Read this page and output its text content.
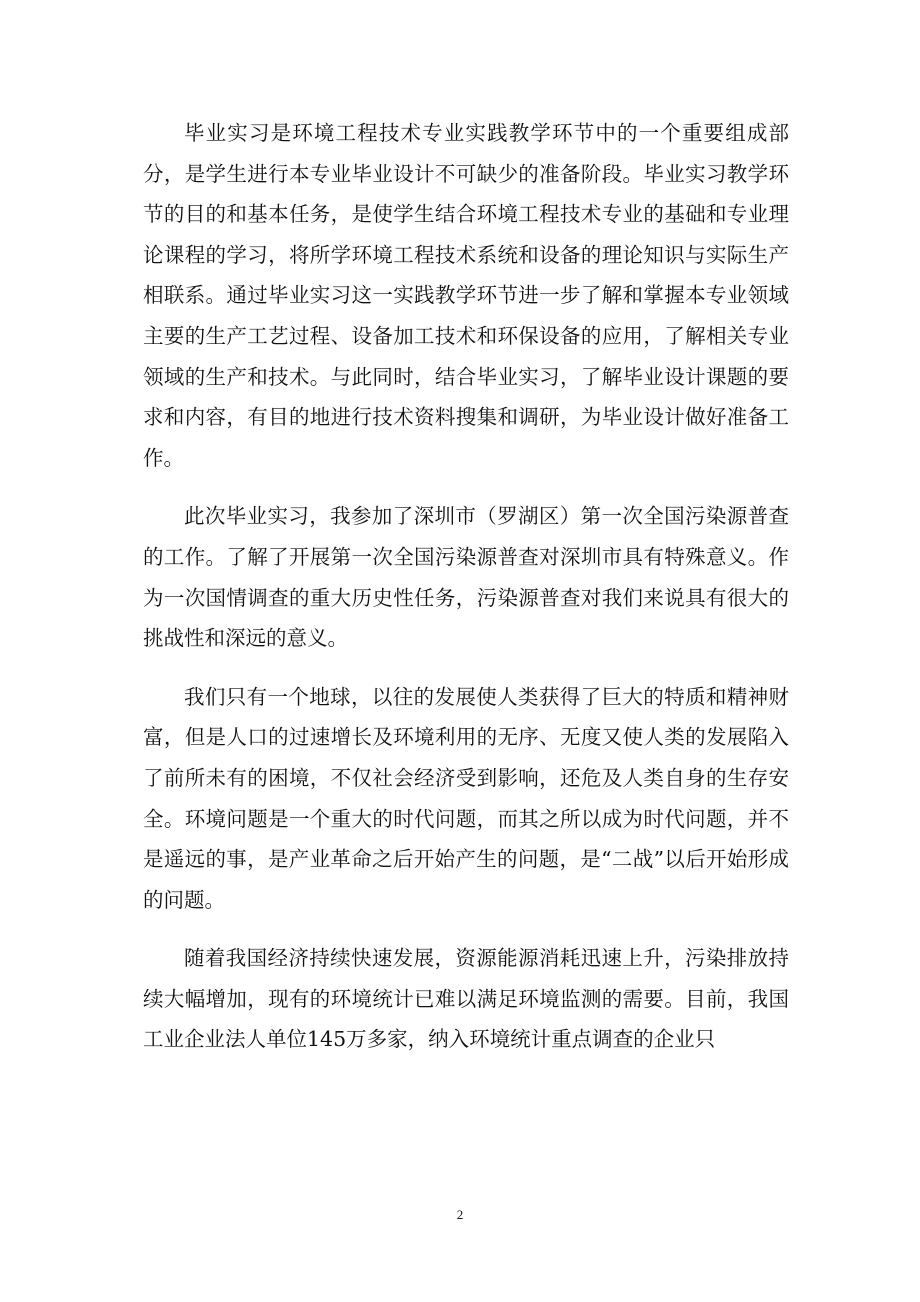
毕业实习是环境工程技术专业实践教学环节中的一个重要组成部分，是学生进行本专业毕业设计不可缺少的准备阶段。毕业实习教学环节的目的和基本任务，是使学生结合环境工程技术专业的基础和专业理论课程的学习，将所学环境工程技术系统和设备的理论知识与实际生产相联系。通过毕业实习这一实践教学环节进一步了解和掌握本专业领域主要的生产工艺过程、设备加工技术和环保设备的应用，了解相关专业领域的生产和技术。与此同时，结合毕业实习，了解毕业设计课题的要求和内容，有目的地进行技术资料搜集和调研，为毕业设计做好准备工作。

此次毕业实习，我参加了深圳市（罗湖区）第一次全国污染源普查的工作。了解了开展第一次全国污染源普查对深圳市具有特殊意义。作为一次国情调查的重大历史性任务，污染源普查对我们来说具有很大的挑战性和深远的意义。

我们只有一个地球，以往的发展使人类获得了巨大的特质和精神财富，但是人口的过速增长及环境利用的无序、无度又使人类的发展陷入了前所未有的困境，不仅社会经济受到影响，还危及人类自身的生存安全。环境问题是一个重大的时代问题，而其之所以成为时代问题，并不是遥远的事，是产业革命之后开始产生的问题，是“二战”以后开始形成的问题。

随着我国经济持续快速发展，资源能源消耗迅速上升，污染排放持续大幅增加，现有的环境统计已难以满足环境监测的需要。目前，我国工业企业法人单位145万多家，纳入环境统计重点调查的企业只

2
